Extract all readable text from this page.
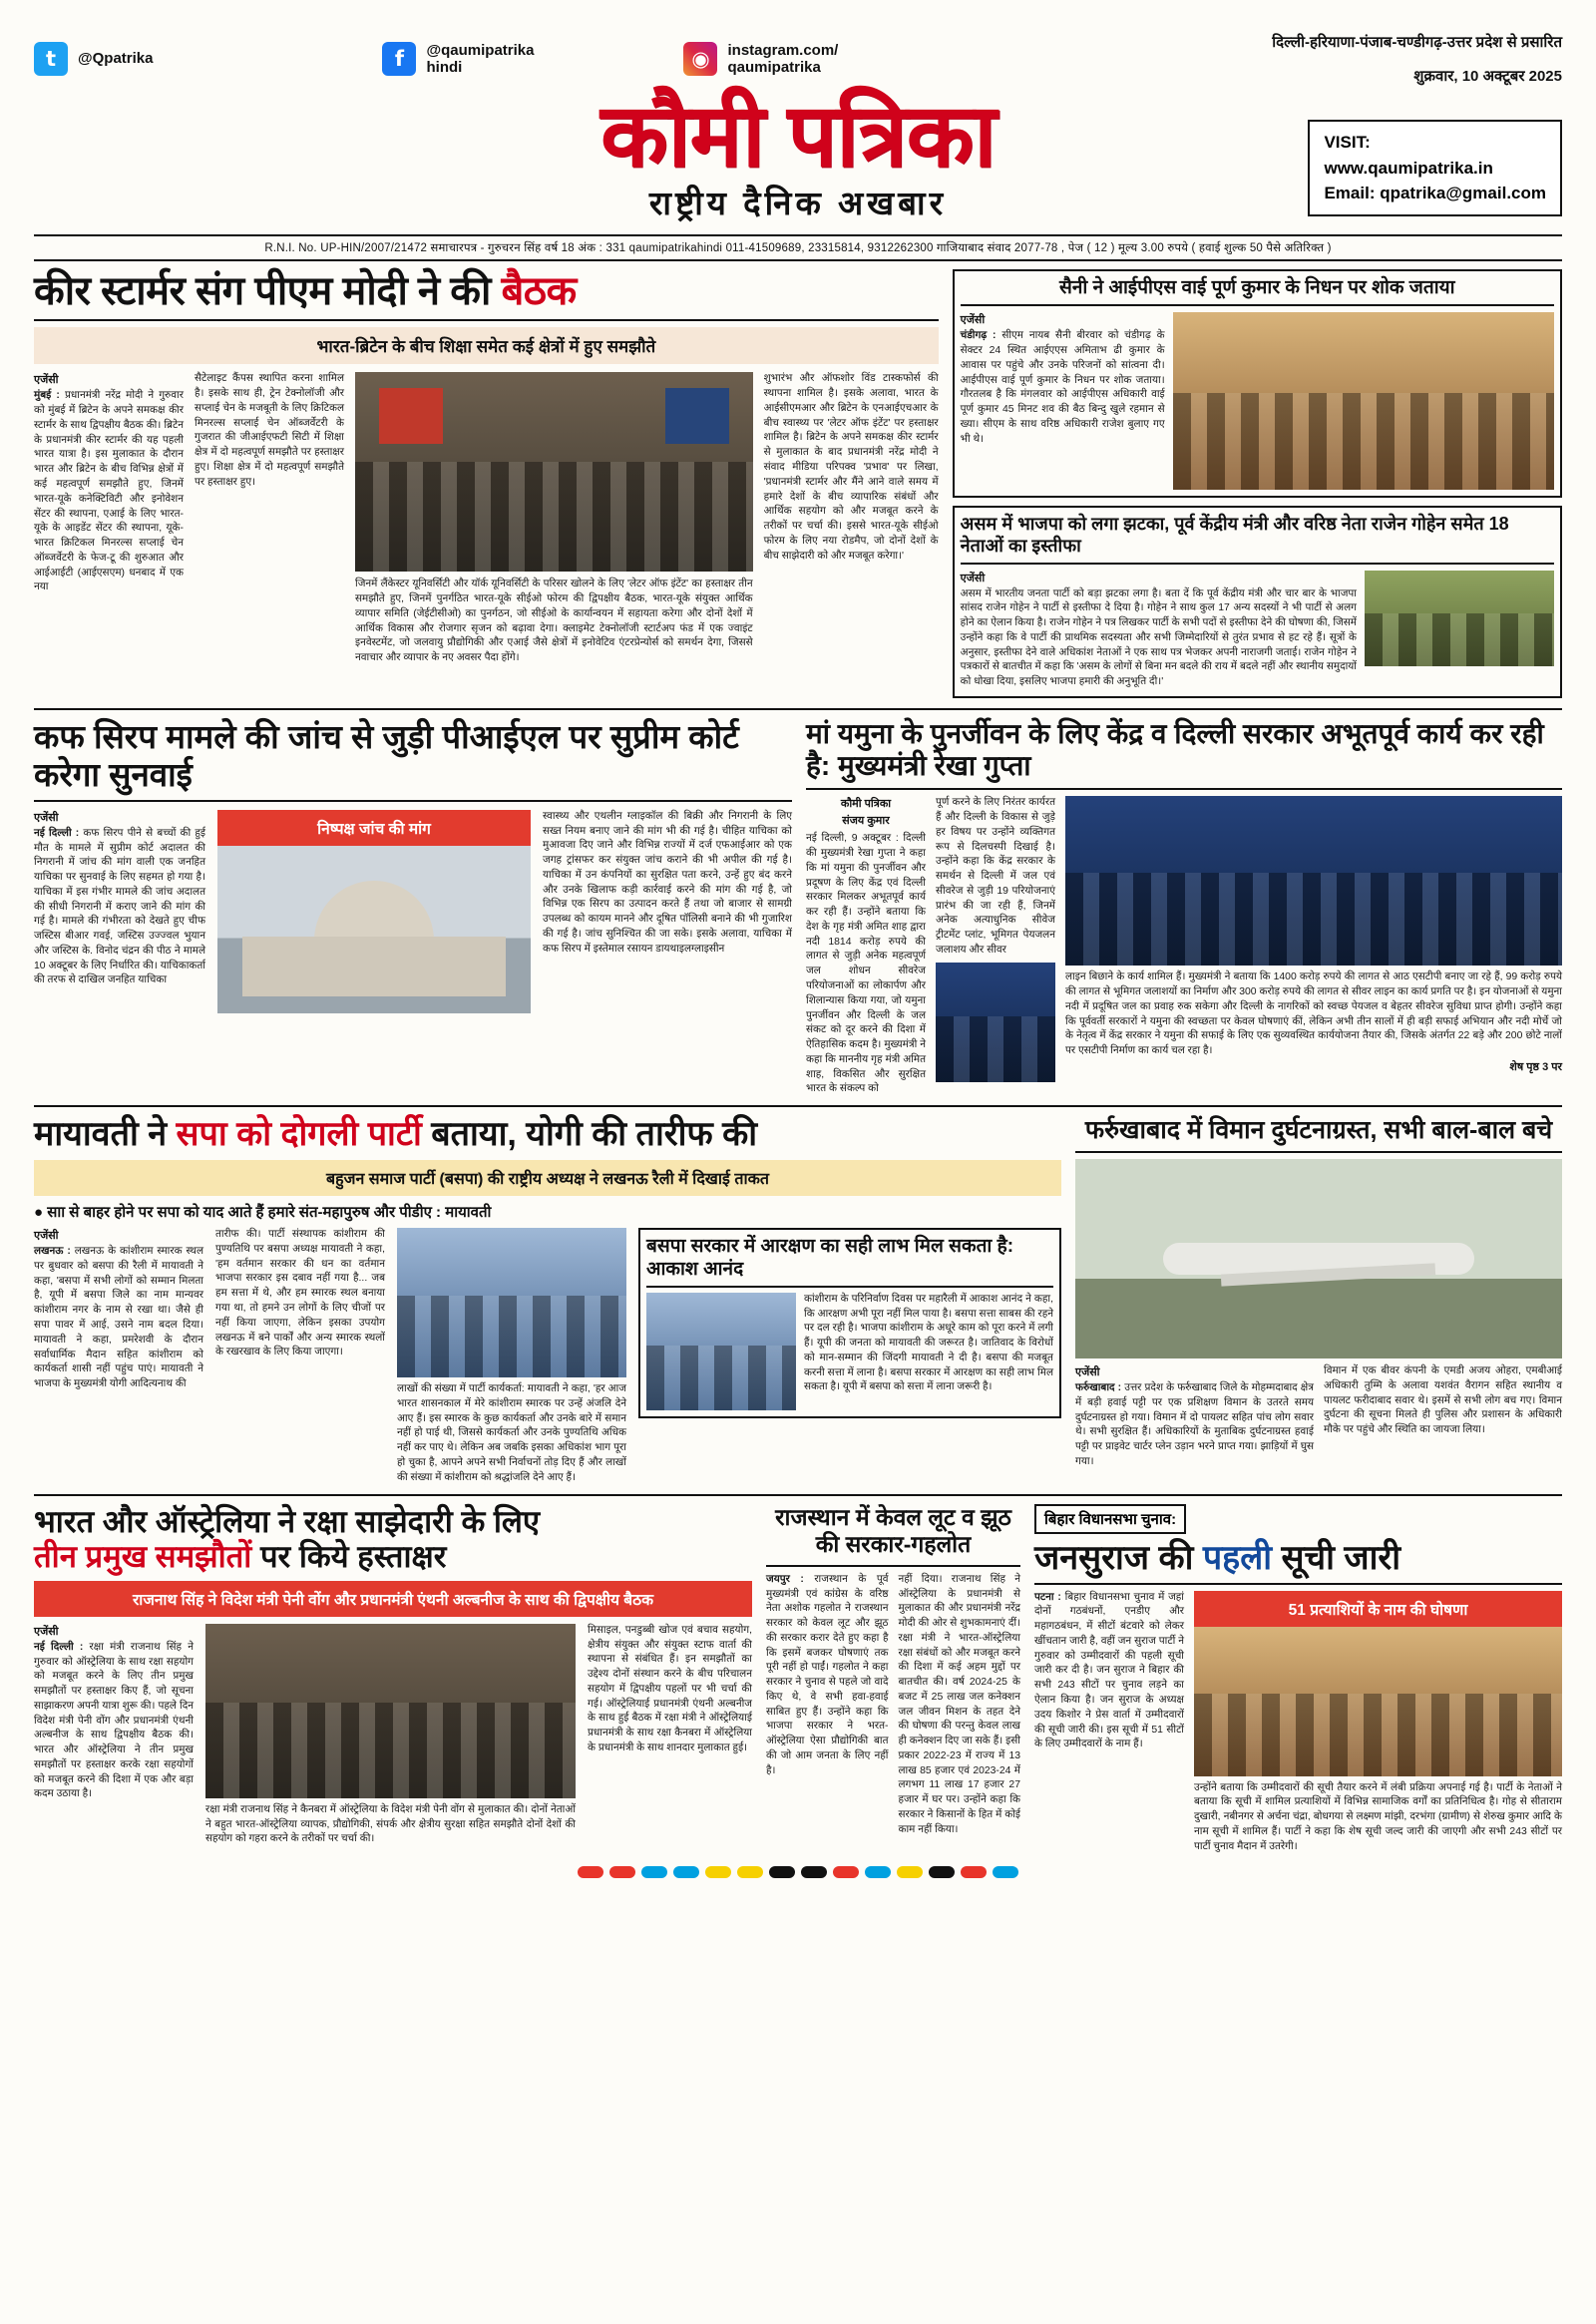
t	@Qpatrika	f	@qaumipatrika
hindi	◉	instagram.com/
qaumipatrika
दिल्ली-हरियाणा-पंजाब-चण्डीगढ़-उत्तर प्रदेश से प्रसारित
शुक्रवार, 10 अक्टूबर 2025
कौमी पत्रिका
राष्ट्रीय दैनिक अखबार
VISIT:
www.qaumipatrika.in
Email: qpatrika@gmail.com
R.N.I. No. UP-HIN/2007/21472 समाचारपत्र - गुरुचरन सिंह वर्ष 18 अंक : 331 qaumipatrikahindi 011-41509689, 23315814, 9312262300 गाजियाबाद संवाद 2077-78 , पेज ( 12 ) मूल्य 3.00 रुपये ( हवाई शुल्क 50 पैसे अतिरिक्त )
कीर स्टार्मर संग पीएम मोदी ने की बैठक
भारत-ब्रिटेन के बीच शिक्षा समेत कई क्षेत्रों में हुए समझौते
एजेंसी
मुंबई : प्रधानमंत्री नरेंद्र मोदी ने गुरुवार को मुंबई में ब्रिटेन के अपने समकक्ष कीर स्टार्मर के साथ द्विपक्षीय बैठक की। ब्रिटेन के प्रधानमंत्री कीर स्टार्मर की यह पहली भारत यात्रा है। इस मुलाकात के दौरान भारत और ब्रिटेन के बीच विभिन्न क्षेत्रों में कई महत्वपूर्ण समझौते हुए, जिनमें भारत-यूके कनेक्टिविटी और इनोवेशन सेंटर की स्थापना, एआई के लिए भारत-यूके के आइडेंट सेंटर की स्थापना, यूके-भारत क्रिटिकल मिनरल्स सप्लाई चेन ऑब्जर्वेटरी के फेज-टू की शुरुआत और आईआईटी (आईएसएम) धनबाद में एक नया
सैटेलाइट कैंपस स्थापित करना शामिल है। इसके साथ ही, ट्रेन टेक्नोलॉजी और सप्लाई चेन के मजबूती के लिए क्रिटिकल मिनरल्स सप्लाई चेन ऑब्जर्वेटरी के गुजरात की जीआईएफटी सिटी में शिक्षा क्षेत्र में दो महत्वपूर्ण समझौते पर हस्ताक्षर हुए। शिक्षा क्षेत्र में दो महत्वपूर्ण समझौते पर हस्ताक्षर हुए।
जिनमें लैंकेस्टर यूनिवर्सिटी और यॉर्क यूनिवर्सिटी के परिसर खोलने के लिए 'लेटर ऑफ इंटेंट' का हस्ताक्षर तीन समझौते हुए, जिनमें पुनर्गठित भारत-यूके सीईओ फोरम की द्विपक्षीय बैठक, भारत-यूके संयुक्त आर्थिक व्यापार समिति (जेईटीसीओ) का पुनर्गठन, जो सीईओ के कार्यान्वयन में सहायता करेगा और दोनों देशों में आर्थिक विकास और रोजगार सृजन को बढ़ावा देगा। क्लाइमेट टेक्नोलॉजी स्टार्टअप फंड में एक ज्वाइंट इनवेस्टमेंट, जो जलवायु प्रौद्योगिकी और एआई जैसे क्षेत्रों में इनोवेटिव एंटरप्रेन्योर्स को समर्थन देगा, जिससे नवाचार और व्यापार के नए अवसर पैदा होंगे।
शुभारंभ और ऑफशोर विंड टास्कफोर्स की स्थापना शामिल है। इसके अलावा, भारत के आईसीएमआर और ब्रिटेन के एनआईएचआर के बीच स्वास्थ्य पर 'लेटर ऑफ इंटेंट' पर हस्ताक्षर शामिल है। ब्रिटेन के अपने समकक्ष कीर स्टार्मर से मुलाकात के बाद प्रधानमंत्री नरेंद्र मोदी ने संवाद मीडिया परिपक्व 'प्रभाव' पर लिखा, 'प्रधानमंत्री स्टार्मर और मैंने आने वाले समय में हमारे देशों के बीच व्यापारिक संबंधों और आर्थिक सहयोग को और मजबूत करने के तरीकों पर चर्चा की। इससे भारत-यूके सीईओ फोरम के लिए नया रोडमैप, जो दोनों देशों के बीच साझेदारी को और मजबूत करेगा।'
सैनी ने आईपीएस वाई पूर्ण कुमार के निधन पर शोक जताया
एजेंसी
चंडीगढ़ : सीएम नायब सैनी बीरवार को चंडीगढ़ के सेक्टर 24 स्थित आईएएस अमिताभ ढी कुमार के आवास पर पहुंचे और उनके परिजनों को सांत्वना दी। आईपीएस वाई पूर्ण कुमार के निधन पर शोक जताया। गौरतलब है कि मंगलवार को आईपीएस अधिकारी वाई पूर्ण कुमार 45 मिनट शव की बैठ बिन्दु खुले रहमान से ख्या। सीएम के साथ वरिष्ठ अधिकारी राजेश बुलाए गए भी थे।
असम में भाजपा को लगा झटका, पूर्व केंद्रीय मंत्री और वरिष्ठ नेता राजेन गोहेन समेत 18 नेताओं का इस्तीफा
एजेंसी
असम में भारतीय जनता पार्टी को बड़ा झटका लगा है। बता दें कि पूर्व केंद्रीय मंत्री और चार बार के भाजपा सांसद राजेन गोहेन ने पार्टी से इस्तीफा दे दिया है। गोहेन ने साथ कुल 17 अन्य सदस्यों ने भी पार्टी से अलग होने का ऐलान किया है। राजेन गोहेन ने पत्र लिखकर पार्टी के सभी पदों से इस्तीफा देने की घोषणा की, जिसमें उन्होंने कहा कि वे पार्टी की प्राथमिक सदस्यता और सभी जिम्मेदारियों से तुरंत प्रभाव से हट रहे हैं। सूत्रों के अनुसार, इस्तीफा देने वाले अधिकांश नेताओं ने एक साथ पत्र भेजकर अपनी नाराजगी जताई। राजेन गोहेन ने पत्रकारों से बातचीत में कहा कि 'असम के लोगों से बिना मन बदले की राय में बदले नहीं और स्थानीय समुदायों को धोखा दिया, इसलिए भाजपा हमारी की अनुभूति दी।'
कफ सिरप मामले की जांच से जुड़ी पीआईएल पर सुप्रीम कोर्ट करेगा सुनवाई
एजेंसी
नई दिल्ली : कफ सिरप पीने से बच्चों की हुई मौत के मामले में सुप्रीम कोर्ट अदालत की निगरानी में जांच की मांग वाली एक जनहित याचिका पर सुनवाई के लिए सहमत हो गया है। याचिका में इस गंभीर मामले की जांच अदालत की सीधी निगरानी में कराए जाने की मांग की गई है। मामले की गंभीरता को देखते हुए चीफ जस्टिस बीआर गवई, जस्टिस उज्ज्वल भुयान और जस्टिस के. विनोद चंद्रन की पीठ ने मामले 10 अक्टूबर के लिए निर्धारित की। याचिकाकर्ता की तरफ से दाखिल जनहित याचिका
निष्पक्ष जांच की मांग
स्वास्थ्य और एथलीन ग्लाइकॉल की बिक्री और निगरानी के लिए सख्त नियम बनाए जाने की मांग भी की गई है। चीहित याचिका को मुआवजा दिए जाने और विभिन्न राज्यों में दर्ज एफआईआर को एक जगह ट्रांसफर कर संयुक्त जांच कराने की भी अपील की गई है। याचिका में उन कंपनियों का सुरक्षित पता करने, उन्हें हुए बंद करने और उनके खिलाफ कड़ी कार्रवाई करने की मांग की गई है, जो विभिन्न एक सिरप का उत्पादन करते हैं तथा जो बाजार से सामग्री उपलब्ध को कायम मानने और दूषित पॉलिसी बनाने की भी गुजारिश की गई है। जांच सुनिश्चित की जा सके। इसके अलावा, याचिका में कफ सिरप में इस्तेमाल रसायन डायथाइलग्लाइसीन
मां यमुना के पुनर्जीवन के लिए केंद्र व दिल्ली सरकार अभूतपूर्व कार्य कर रही है: मुख्यमंत्री रेखा गुप्ता
कौमी पत्रिका
संजय कुमार
नई दिल्ली, 9 अक्टूबर : दिल्ली की मुख्यमंत्री रेखा गुप्ता ने कहा कि मां यमुना की पुनर्जीवन और प्रदूषण के लिए केंद्र एवं दिल्ली सरकार मिलकर अभूतपूर्व कार्य कर रही हैं। उन्होंने बताया कि देश के गृह मंत्री अमित शाह द्वारा नदी 1814 करोड़ रुपये की लागत से जुड़ी अनेक महत्वपूर्ण जल शोधन सीवरेज परियोजनाओं का लोकार्पण और शिलान्यास किया गया, जो यमुना पुनर्जीवन और दिल्ली के जल संकट को दूर करने की दिशा में ऐतिहासिक कदम है। मुख्यमंत्री ने कहा कि माननीय गृह मंत्री अमित शाह, विकसित और सुरक्षित भारत के संकल्प को
पूर्ण करने के लिए निरंतर कार्यरत हैं और दिल्ली के विकास से जुड़े हर विषय पर उन्होंने व्यक्तिगत रूप से दिलचस्पी दिखाई है। उन्होंने कहा कि केंद्र सरकार के समर्थन से दिल्ली में जल एवं सीवरेज से जुड़ी 19 परियोजनाएं प्रारंभ की जा रही हैं, जिनमें अनेक अत्याधुनिक सीवेज ट्रीटमेंट प्लांट, भूमिगत पेयजलन जलाशय और सीवर
लाइन बिछाने के कार्य शामिल हैं। मुख्यमंत्री ने बताया कि 1400 करोड़ रुपये की लागत से आठ एसटीपी बनाए जा रहे हैं, 99 करोड़ रुपये की लागत से भूमिगत जलाशयों का निर्माण और 300 करोड़ रुपये की लागत से सीवर लाइन का कार्य प्रगति पर है। इन योजनाओं से यमुना नदी में प्रदूषित जल का प्रवाह रुक सकेगा और दिल्ली के नागरिकों को स्वच्छ पेयजल व बेहतर सीवरेज सुविधा प्राप्त होगी। उन्होंने कहा कि पूर्ववर्ती सरकारों ने यमुना की स्वच्छता पर केवल घोषणाएं कीं, लेकिन अभी तीन सालों में ही बड़ी सफाई अभियान और नदी मोर्चे जो के नेतृत्व में केंद्र सरकार ने यमुना की सफाई के लिए एक सुव्यवस्थित कार्ययोजना तैयार की, जिसके अंतर्गत 22 बड़े और 200 छोटे नालों पर एसटीपी निर्माण का कार्य चल रहा है।
शेष पृष्ठ 3 पर
मायावती ने सपा को दोगली पार्टी बताया, योगी की तारीफ की
बहुजन समाज पार्टी (बसपा) की राष्ट्रीय अध्यक्ष ने लखनऊ रैली में दिखाई ताकत
● साा से बाहर होने पर सपा को याद आते हैं हमारे संत-महापुरुष और पीडीए : मायावती
एजेंसी
लखनऊ : लखनऊ के कांशीराम स्मारक स्थल पर बुधवार को बसपा की रैली में मायावती ने कहा, 'बसपा में सभी लोगों को सम्मान मिलता है, यूपी में बसपा जिले का नाम मान्यवर कांशीराम नगर के नाम से रखा था। जैसे ही सपा पावर में आई, उसने नाम बदल दिया। मायावती ने कहा, प्रमरेशवी के दौरान सर्वाधार्मिक मैदान सहित कांशीराम को कार्यकर्ता शासी नहीं पहुंच पाएं। मायावती ने भाजपा के मुख्यमंत्री योगी आदित्यनाथ की
तारीफ की। पार्टी संस्थापक कांशीराम की पुण्यतिथि पर बसपा अध्यक्ष मायावती ने कहा, 'हम वर्तमान सरकार की धन का वर्तमान भाजपा सरकार इस दबाव नहीं गया है... जब हम सत्ता में थे, और हम स्मारक स्थल बनाया गया था, तो हमने उन लोगों के लिए चीजों पर नहीं किया जाएगा, लेकिन इसका उपयोग लखनऊ में बने पार्कों और अन्य स्मारक स्थलों के रखरखाव के लिए किया जाएगा।
लाखों की संख्या में पार्टी कार्यकर्ता: मायावती ने कहा, 'हर आज भारत शासनकाल में मेरे कांशीराम स्मारक पर उन्हें अंजलि देने आए हैं। इस स्मारक के कुछ कार्यकर्ता और उनके बारे में समान नहीं हो पाई थी, जिससे कार्यकर्ता और उनके पुण्यतिथि अधिक नहीं कर पाए थे। लेकिन अब जबकि इसका अधिकांश भाग पूरा हो चुका है, आपने अपने सभी निर्वाचनों तोड़ दिए हैं और लाखों की संख्या में कांशीराम को श्रद्धांजलि देने आए हैं।
बसपा सरकार में आरक्षण का सही लाभ मिल सकता है: आकाश आनंद
कांशीराम के परिनिर्वाण दिवस पर महारैली में आकाश आनंद ने कहा, कि आरक्षण अभी पूरा नहीं मिल पाया है। बसपा सत्ता साबस की रहने पर दल रही है। भाजपा कांशीराम के अधूरे काम को पूरा करने में लगी हैं। यूपी की जनता को मायावती की जरूरत है। जातिवाद के विरोधों को मान-सम्मान की जिंदगी मायावती ने दी है। बसपा की मजबूत करनी सत्ता में लाना है। बसपा सरकार में आरक्षण का सही लाभ मिल सकता है। यूपी में बसपा को सत्ता में लाना जरूरी है।
फर्रुखाबाद में विमान दुर्घटनाग्रस्त, सभी बाल-बाल बचे
एजेंसी
फर्रुखाबाद : उत्तर प्रदेश के फर्रुखाबाद जिले के मोहम्मदाबाद क्षेत्र में बड़ी हवाई पट्टी पर एक प्रशिक्षण विमान के उतरते समय दुर्घटनाग्रस्त हो गया। विमान में दो पायलट सहित पांच लोग सवार थे। सभी सुरक्षित हैं। अधिकारियों के मुताबिक दुर्घटनाग्रस्त हवाई पट्टी पर प्राइवेट चार्टर प्लेन उड़ान भरने प्राप्त गया। झाड़ियों में घुस गया।
विमान में एक बीवर कंपनी के एमडी अजय ओहरा, एमबीआई अधिकारी तुम्मि के अलावा यशवंत वैरागन सहित स्थानीय व पायलट फरीदाबाद सवार थे। इसमें से सभी लोग बच गए। विमान दुर्घटना की सूचना मिलते ही पुलिस और प्रशासन के अधिकारी मौके पर पहुंचे और स्थिति का जायजा लिया।
भारत और ऑस्ट्रेलिया ने रक्षा साझेदारी के लिए
तीन प्रमुख समझौतों पर किये हस्ताक्षर
राजनाथ सिंह ने विदेश मंत्री पेनी वोंग और प्रधानमंत्री एंथनी अल्बनीज के साथ की द्विपक्षीय बैठक
एजेंसी
नई दिल्ली : रक्षा मंत्री राजनाथ सिंह ने गुरुवार को ऑस्ट्रेलिया के साथ रक्षा सहयोग को मजबूत करने के लिए तीन प्रमुख समझौतों पर हस्ताक्षर किए हैं, जो सूचना साझाकरण अपनी यात्रा शुरू की। पहले दिन विदेश मंत्री पेनी वोंग और प्रधानमंत्री एंथनी अल्बनीज के साथ द्विपक्षीय बैठक की। भारत और ऑस्ट्रेलिया ने तीन प्रमुख समझौतों पर हस्ताक्षर करके रक्षा सहयोगों को मजबूत करने की दिशा में एक और बड़ा कदम उठाया है।
रक्षा मंत्री राजनाथ सिंह ने कैनबरा में ऑस्ट्रेलिया के विदेश मंत्री पेनी वोंग से मुलाकात की। दोनों नेताओं ने बहुत भारत-ऑस्ट्रेलिया व्यापक, प्रौद्योगिकी, संपर्क और क्षेत्रीय सुरक्षा सहित समझौते दोनों देशों की सहयोग को गहरा करने के तरीकों पर चर्चा की।
मिसाइल, पनडुब्बी खोज एवं बचाव सहयोग, क्षेत्रीय संयुक्त और संयुक्त स्टाफ वार्ता की स्थापना से संबंधित हैं। इन समझौतों का उद्देश्य दोनों संस्थान करने के बीच परिचालन सहयोग में द्विपक्षीय पहलों पर भी चर्चा की गई। ऑस्ट्रेलियाई प्रधानमंत्री एंथनी अल्बनीज के साथ हुई बैठक में रक्षा मंत्री ने ऑस्ट्रेलियाई प्रधानमंत्री के साथ रक्षा कैनबरा में ऑस्ट्रेलिया के प्रधानमंत्री के साथ शानदार मुलाकात हुई।
राजस्थान में केवल लूट व झूठ की सरकार-गहलोत
जयपुर : राजस्थान के पूर्व मुख्यमंत्री एवं कांग्रेस के वरिष्ठ नेता अशोक गहलोत ने राजस्थान सरकार को केवल लूट और झूठ की सरकार करार देते हुए कहा है कि इसमें बजकर घोषणाएं तक पूरी नहीं हो पाईं। गहलोत ने कहा सरकार ने चुनाव से पहले जो वादे किए थे, वे सभी हवा-हवाई साबित हुए हैं। उन्होंने कहा कि भाजपा सरकार ने भरत-ऑस्ट्रेलिया ऐसा प्रौद्योगिकी बात की जो आम जनता के लिए नहीं है।
नहीं दिया। राजनाथ सिंह ने ऑस्ट्रेलिया के प्रधानमंत्री से मुलाकात की और प्रधानमंत्री नरेंद्र मोदी की ओर से शुभकामनाएं दीं। रक्षा मंत्री ने भारत-ऑस्ट्रेलिया रक्षा संबंधों को और मजबूत करने की दिशा में कई अहम मुद्दों पर बातचीत की। वर्ष 2024-25 के बजट में 25 लाख जल कनेक्शन जल जीवन मिशन के तहत देने की घोषणा की परन्तु केवल लाख ही कनेक्शन दिए जा सके हैं। इसी प्रकार 2022-23 में राज्य में 13 लाख 85 हजार एवं 2023-24 में लगभग 11 लाख 17 हजार 27 हजार में घर पर। उन्होंने कहा कि सरकार ने किसानों के हित में कोई काम नहीं किया।
बिहार विधानसभा चुनाव:
जनसुराज की पहली सूची जारी
पटना : बिहार विधानसभा चुनाव में जहां दोनों गठबंधनों, एनडीए और महागठबंधन, में सीटों बंटवारे को लेकर खींचतान जारी है, वहीं जन सुराज पार्टी ने गुरुवार को उम्मीदवारों की पहली सूची जारी कर दी है। जन सुराज ने बिहार की सभी 243 सीटों पर चुनाव लड़ने का ऐलान किया है। जन सुराज के अध्यक्ष उदय किशोर ने प्रेस वार्ता में उम्मीदवारों की सूची जारी की। इस सूची में 51 सीटों के लिए उम्मीदवारों के नाम हैं।
51 प्रत्याशियों के नाम की घोषणा
उन्होंने बताया कि उम्मीदवारों की सूची तैयार करने में लंबी प्रक्रिया अपनाई गई है। पार्टी के नेताओं ने बताया कि सूची में शामिल प्रत्याशियों में विभिन्न सामाजिक वर्गों का प्रतिनिधित्व है। गोह से सीताराम दुखारी, नबीनगर से अर्चना चंद्रा, बोधगया से लक्ष्मण मांझी, दरभंगा (ग्रामीण) से शेरुख कुमार आदि के नाम सूची में शामिल हैं। पार्टी ने कहा कि शेष सूची जल्द जारी की जाएगी और सभी 243 सीटों पर पार्टी चुनाव मैदान में उतरेगी।
